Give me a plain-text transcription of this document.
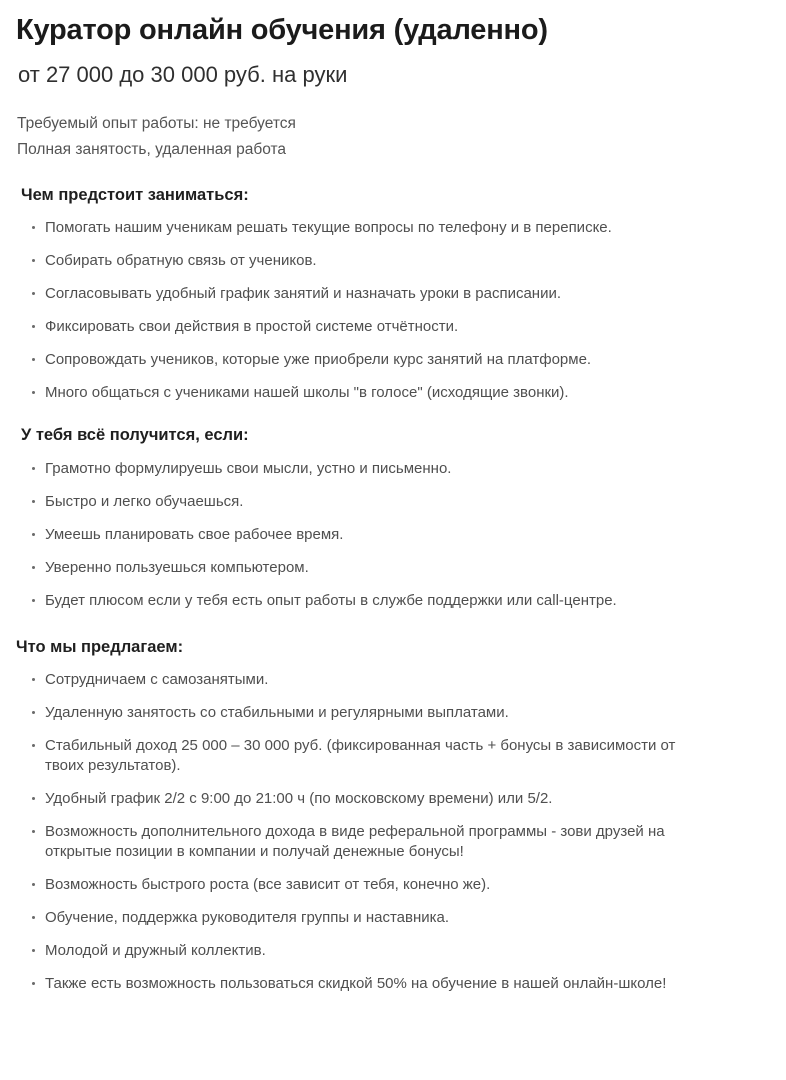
Куратор онлайн обучения (удаленно)
от 27 000 до 30 000 руб. на руки
Требуемый опыт работы: не требуется
Полная занятость, удаленная работа
Чем предстоит заниматься:
Помогать нашим ученикам решать текущие вопросы по телефону и в переписке.
Собирать обратную связь от учеников.
Согласовывать удобный график занятий и назначать уроки в расписании.
Фиксировать свои действия в простой системе отчётности.
Сопровождать учеников, которые уже приобрели курс занятий на платформе.
Много общаться с учениками нашей школы "в голосе" (исходящие звонки).
У тебя всё получится, если:
Грамотно формулируешь свои мысли, устно и письменно.
Быстро и легко обучаешься.
Умеешь планировать свое рабочее время.
Уверенно пользуешься компьютером.
Будет плюсом если у тебя есть опыт работы в службе поддержки или call-центре.
Что мы предлагаем:
Сотрудничаем с самозанятыми.
Удаленную занятость со стабильными и регулярными выплатами.
Стабильный доход 25 000 – 30 000 руб. (фиксированная часть + бонусы в зависимости от твоих результатов).
Удобный график 2/2 с 9:00 до 21:00 ч (по московскому времени) или 5/2.
Возможность дополнительного дохода в виде реферальной программы - зови друзей на открытые позиции в компании и получай денежные бонусы!
Возможность быстрого роста (все зависит от тебя, конечно же).
Обучение, поддержка руководителя группы и наставника.
Молодой и дружный коллектив.
Также есть возможность пользоваться скидкой 50% на обучение в нашей онлайн-школе!
